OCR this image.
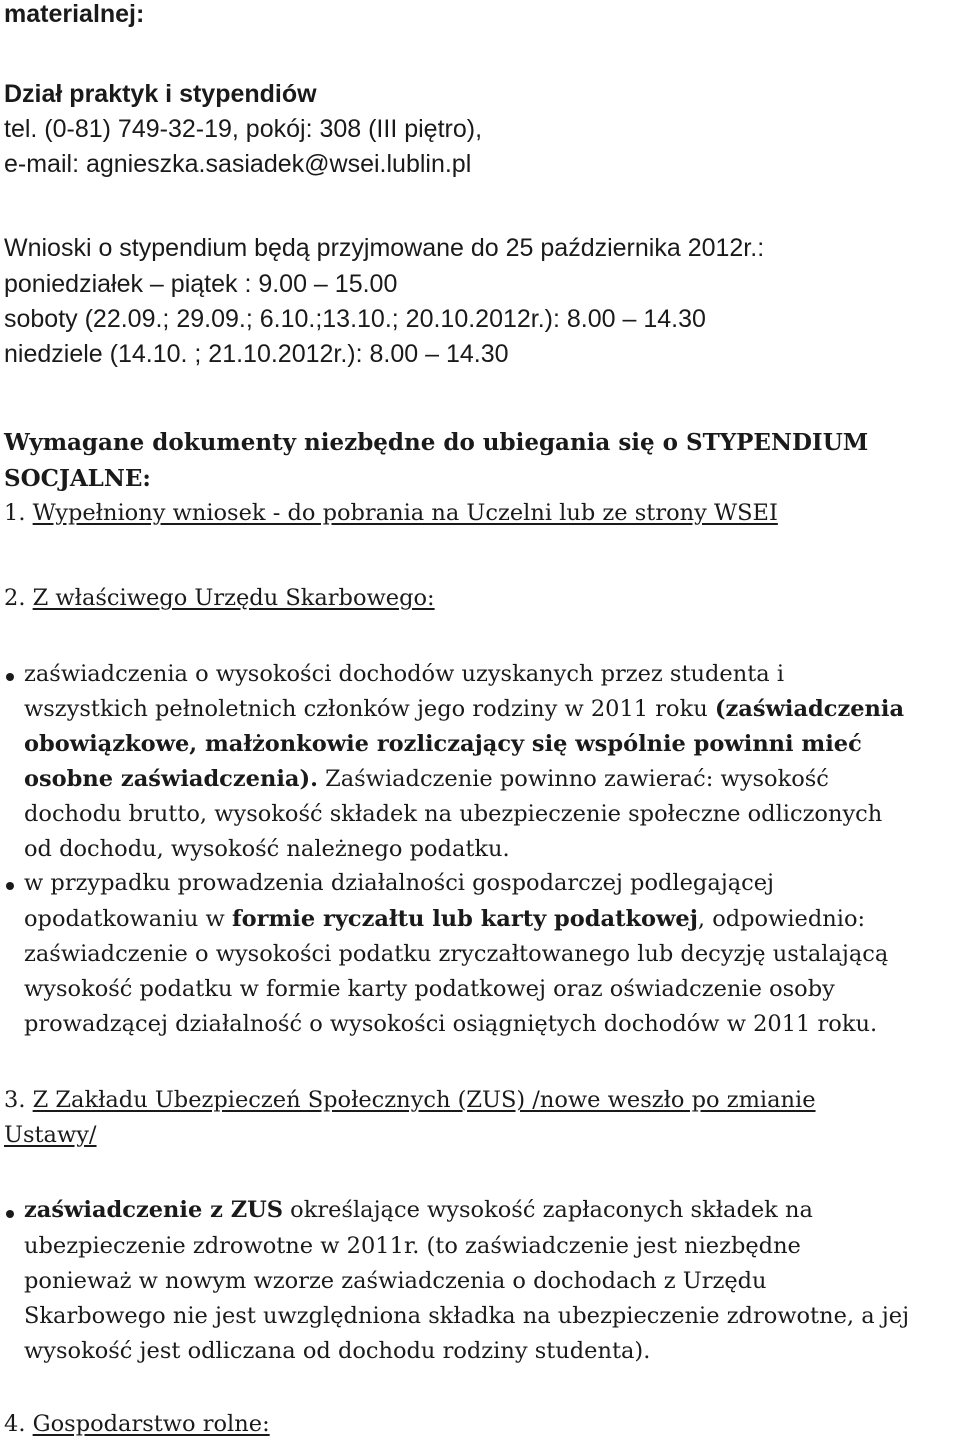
materialnej:
Dział praktyk i stypendiów
tel. (0-81) 749-32-19, pokój: 308 (III piętro),
e-mail: agnieszka.sasiadek@wsei.lublin.pl
Wnioski o stypendium będą przyjmowane do 25 października 2012r.:
poniedziałek – piątek : 9.00 – 15.00
soboty (22.09.; 29.09.; 6.10.;13.10.; 20.10.2012r.): 8.00 – 14.30
niedziele (14.10. ; 21.10.2012r.): 8.00 – 14.30
Wymagane dokumenty niezbędne do ubiegania się o STYPENDIUM
SOCJALNE:
1. Wypełniony wniosek - do pobrania na Uczelni lub ze strony WSEI
2. Z właściwego Urzędu Skarbowego:
zaświadczenia o wysokości dochodów uzyskanych przez studenta i
wszystkich pełnoletnich członków jego rodziny w 2011 roku (zaświadczenia
obowiązkowe, małżonkowie rozliczający się wspólnie powinni mieć
osobne zaświadczenia). Zaświadczenie powinno zawierać: wysokość
dochodu brutto, wysokość składek na ubezpieczenie społeczne odliczonych
od dochodu, wysokość należnego podatku.
w przypadku prowadzenia działalności gospodarczej podlegającej
opodatkowaniu w formie ryczałtu lub karty podatkowej, odpowiednio:
zaświadczenie o wysokości podatku zryczałtowanego lub decyzję ustalającą
wysokość podatku w formie karty podatkowej oraz oświadczenie osoby
prowadzącej działalność o wysokości osiągniętych dochodów w 2011 roku.
3. Z Zakładu Ubezpieczeń Społecznych (ZUS) /nowe weszło po zmianie
Ustawy/
zaświadczenie z ZUS określające wysokość zapłaconych składek na
ubezpieczenie zdrowotne w 2011r. (to zaświadczenie jest niezbędne
ponieważ w nowym wzorze zaświadczenia o dochodach z Urzędu
Skarbowego nie jest uwzględniona składka na ubezpieczenie zdrowotne, a jej
wysokość jest odliczana od dochodu rodziny studenta).
4. Gospodarstwo rolne:
